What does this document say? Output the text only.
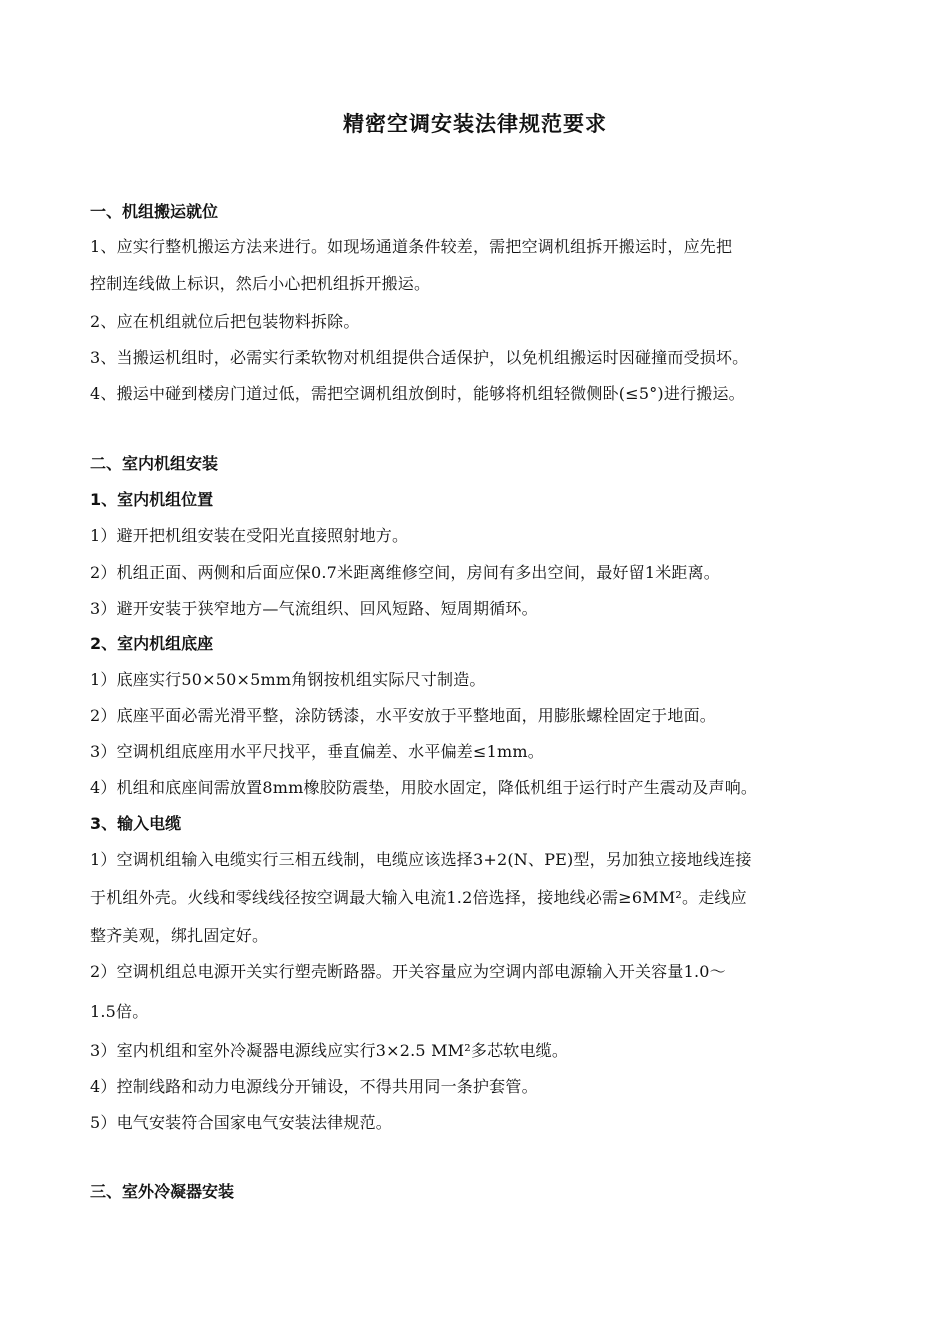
精密空调安装法律规范要求
一、机组搬运就位
1、应实行整机搬运方法来进行。如现场通道条件较差，需把空调机组拆开搬运时，应先把
控制连线做上标识，然后小心把机组拆开搬运。
2、应在机组就位后把包装物料拆除。
3、当搬运机组时，必需实行柔软物对机组提供合适保护，以免机组搬运时因碰撞而受损坏。
4、搬运中碰到楼房门道过低，需把空调机组放倒时，能够将机组轻微侧卧(≤5°)进行搬运。
二、室内机组安装
1、室内机组位置
1）避开把机组安装在受阳光直接照射地方。
2）机组正面、两侧和后面应保0.7米距离维修空间，房间有多出空间，最好留1米距离。
3）避开安装于狭窄地方—气流组织、回风短路、短周期循环。
2、室内机组底座
1）底座实行50×50×5mm角钢按机组实际尺寸制造。
2）底座平面必需光滑平整，涂防锈漆，水平安放于平整地面，用膨胀螺栓固定于地面。
3）空调机组底座用水平尺找平，垂直偏差、水平偏差≤1mm。
4）机组和底座间需放置8mm橡胶防震垫，用胶水固定，降低机组于运行时产生震动及声响。
3、输入电缆
1）空调机组输入电缆实行三相五线制，电缆应该选择3+2(N、PE)型，另加独立接地线连接
于机组外壳。火线和零线线径按空调最大输入电流1.2倍选择，接地线必需≥6MM²。走线应
整齐美观，绑扎固定好。
2）空调机组总电源开关实行塑壳断路器。开关容量应为空调内部电源输入开关容量1.0～
1.5倍。
3）室内机组和室外冷凝器电源线应实行3×2.5 MM²多芯软电缆。
4）控制线路和动力电源线分开铺设，不得共用同一条护套管。
5）电气安装符合国家电气安装法律规范。
三、室外冷凝器安装
